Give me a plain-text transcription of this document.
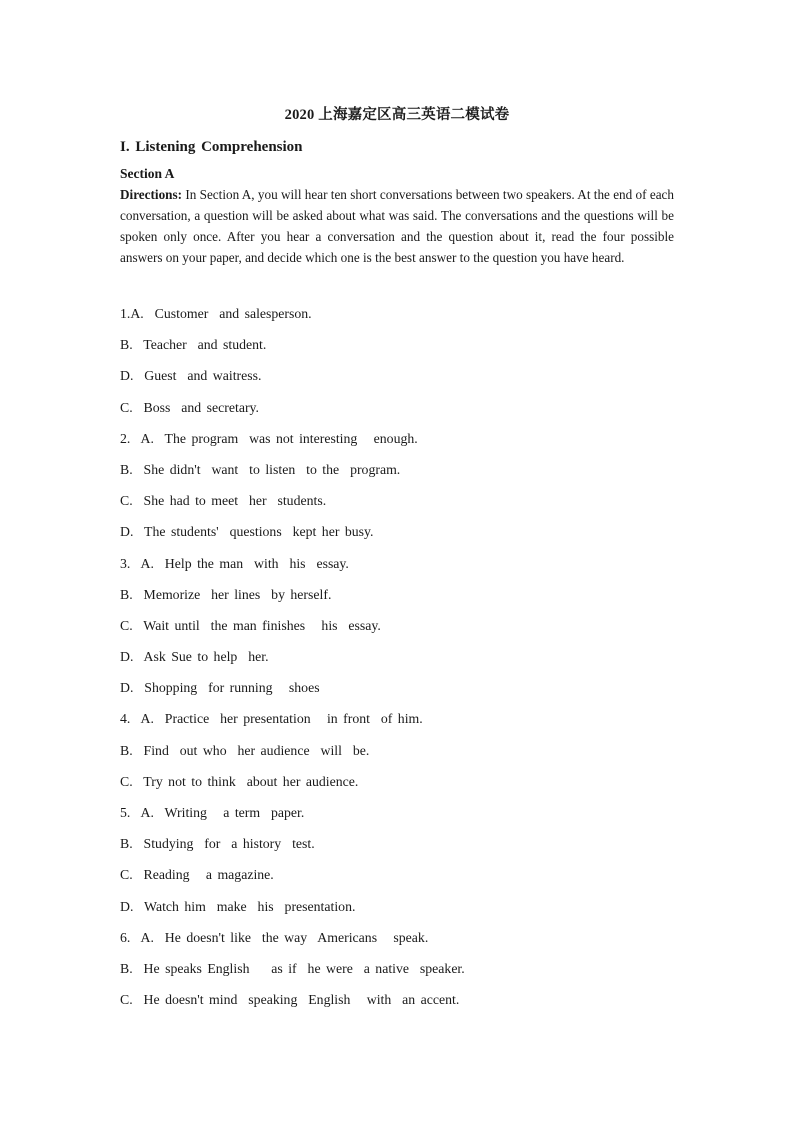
2020 上海嘉定区高三英语二模试卷
I. Listening Comprehension
Section A

Directions: In Section A, you will hear ten short conversations between two speakers. At the end of each conversation, a question will be asked about what was said. The conversations and the questions will be spoken only once. After you hear a conversation and the question about it, read the four possible answers on your paper, and decide which one is the best answer to the question you have heard.

1.A.  Customer  and salesperson.
B.  Teacher  and student.
D.  Guest  and waitress.
C.  Boss  and secretary.
2.  A.  The program  was not interesting   enough.
B.  She didn't  want  to listen  to the  program.
C.  She had to meet  her  students.
D.  The students'  questions  kept her busy.
3.  A.  Help the man  with  his  essay.
B.  Memorize  her lines  by herself.
C.  Wait until  the man finishes   his  essay.
D.  Ask Sue to help  her.
D.  Shopping  for running   shoes
4.  A.  Practice  her presentation   in front  of him.
B.  Find  out who  her audience  will  be.
C.  Try not to think  about her audience.
5.  A.  Writing   a term  paper.
B.  Studying  for  a history  test.
C.  Reading   a magazine.
D.  Watch him  make  his  presentation.
6.  A.  He doesn't like  the way  Americans   speak.
B.  He speaks English    as if  he were  a native  speaker.
C.  He doesn't mind  speaking  English   with  an accent.
